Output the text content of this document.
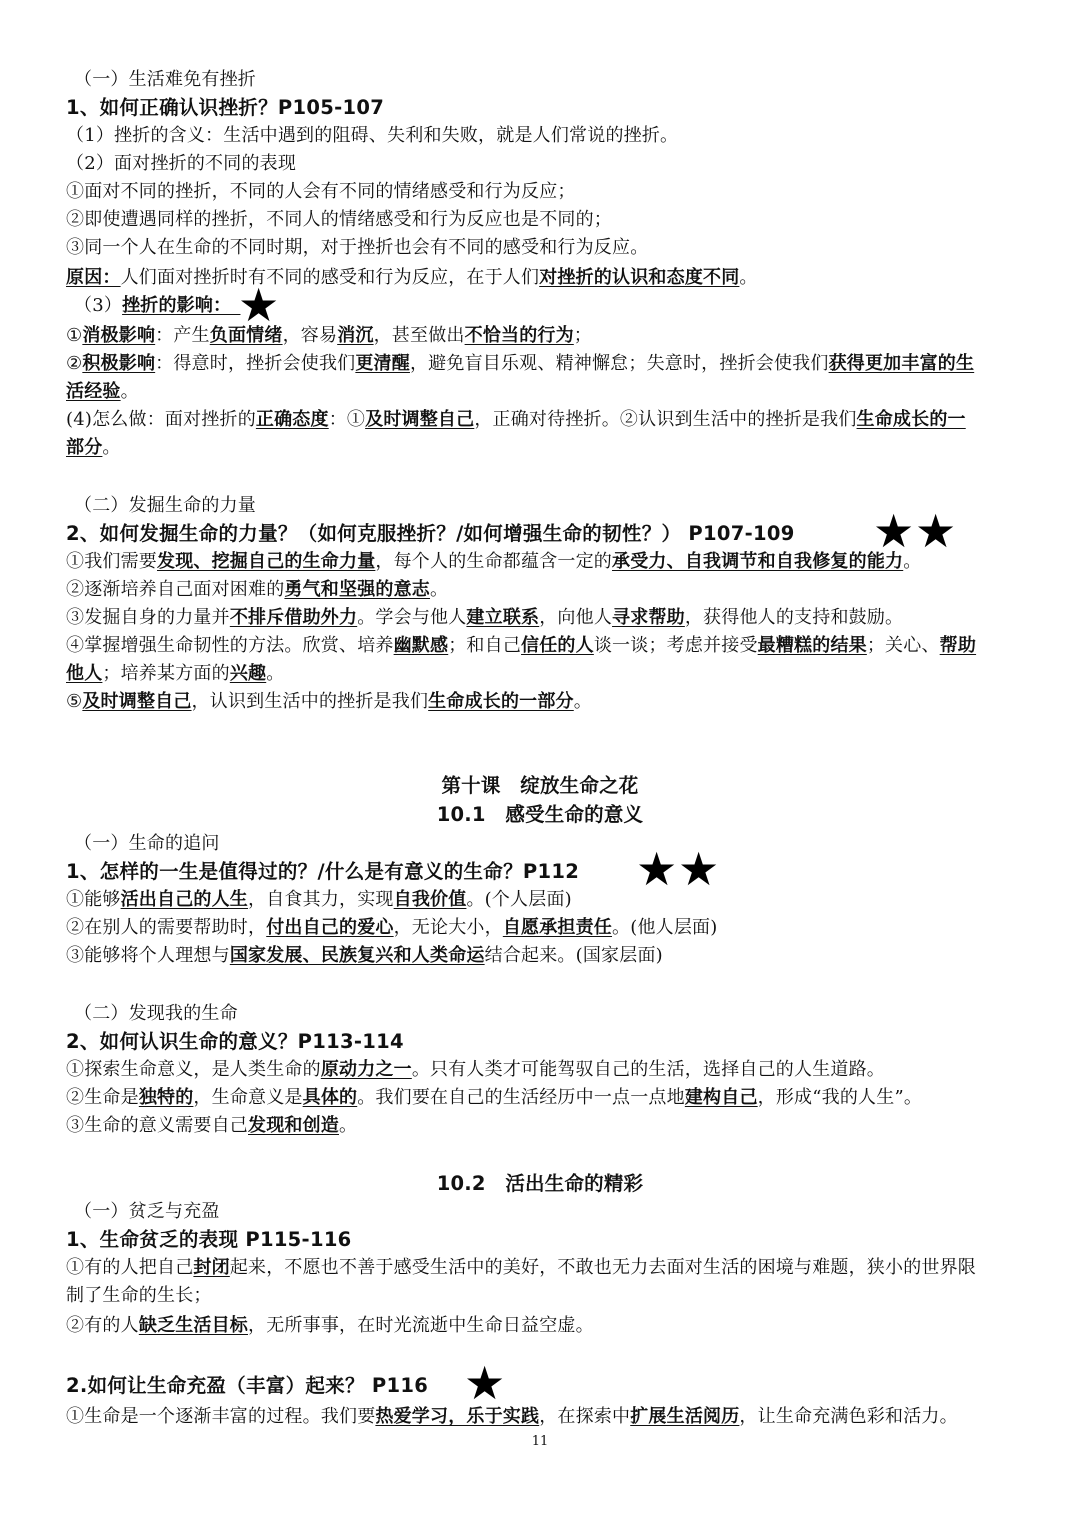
（一）生活难免有挫折
1、如何正确认识挫折？P105-107
（1）挫折的含义：生活中遇到的阻碍、失利和失败，就是人们常说的挫折。
（2）面对挫折的不同的表现
①面对不同的挫折，不同的人会有不同的情绪感受和行为反应；
②即使遭遇同样的挫折，不同人的情绪感受和行为反应也是不同的；
③同一个人在生命的不同时期，对于挫折也会有不同的感受和行为反应。
原因：人们面对挫折时有不同的感受和行为反应，在于人们对挫折的认识和态度不同。
（3）挫折的影响：　
★
①消极影响：产生负面情绪，容易消沉，甚至做出不恰当的行为；
②积极影响：得意时，挫折会使我们更清醒，避免盲目乐观、精神懈怠；失意时，挫折会使我们获得更加丰富的生
活经验。
(4)怎么做：面对挫折的正确态度：①及时调整自己，正确对待挫折。②认识到生活中的挫折是我们生命成长的一
部分。
（二）发掘生命的力量
2、如何发掘生命的力量？（如何克服挫折？/如何增强生命的韧性？） P107-109	★ ★
①我们需要发现、挖掘自己的生命力量，每个人的生命都蕴含一定的承受力、自我调节和自我修复的能力。
②逐渐培养自己面对困难的勇气和坚强的意志。
③发掘自身的力量并不排斥借助外力。学会与他人建立联系，向他人寻求帮助，获得他人的支持和鼓励。
④掌握增强生命韧性的方法。欣赏、培养幽默感；和自己信任的人谈一谈；考虑并接受最糟糕的结果；关心、帮助
他人；培养某方面的兴趣。
⑤及时调整自己，认识到生活中的挫折是我们生命成长的一部分。
第十课　绽放生命之花
10.1　感受生命的意义
（一）生命的追问
1、怎样的一生是值得过的？/什么是有意义的生命？P112	★ ★
①能够活出自己的人生，自食其力，实现自我价值。(个人层面)
②在别人的需要帮助时，付出自己的爱心，无论大小，自愿承担责任。(他人层面)
③能够将个人理想与国家发展、民族复兴和人类命运结合起来。(国家层面)
（二）发现我的生命
2、如何认识生命的意义？P113-114
①探索生命意义，是人类生命的原动力之一。只有人类才可能驾驭自己的生活，选择自己的人生道路。
②生命是独特的，生命意义是具体的。我们要在自己的生活经历中一点一点地建构自己，形成“我的人生”。
③生命的意义需要自己发现和创造。
10.2　活出生命的精彩
（一）贫乏与充盈
1、生命贫乏的表现 P115-116
①有的人把自己封闭起来，不愿也不善于感受生活中的美好，不敢也无力去面对生活的困境与难题，狭小的世界限
制了生命的生长；
②有的人缺乏生活目标，无所事事，在时光流逝中生命日益空虚。
2.如何让生命充盈（丰富）起来？ P116 ★
①生命是一个逐渐丰富的过程。我们要热爱学习，乐于实践，在探索中扩展生活阅历，让生命充满色彩和活力。
11
